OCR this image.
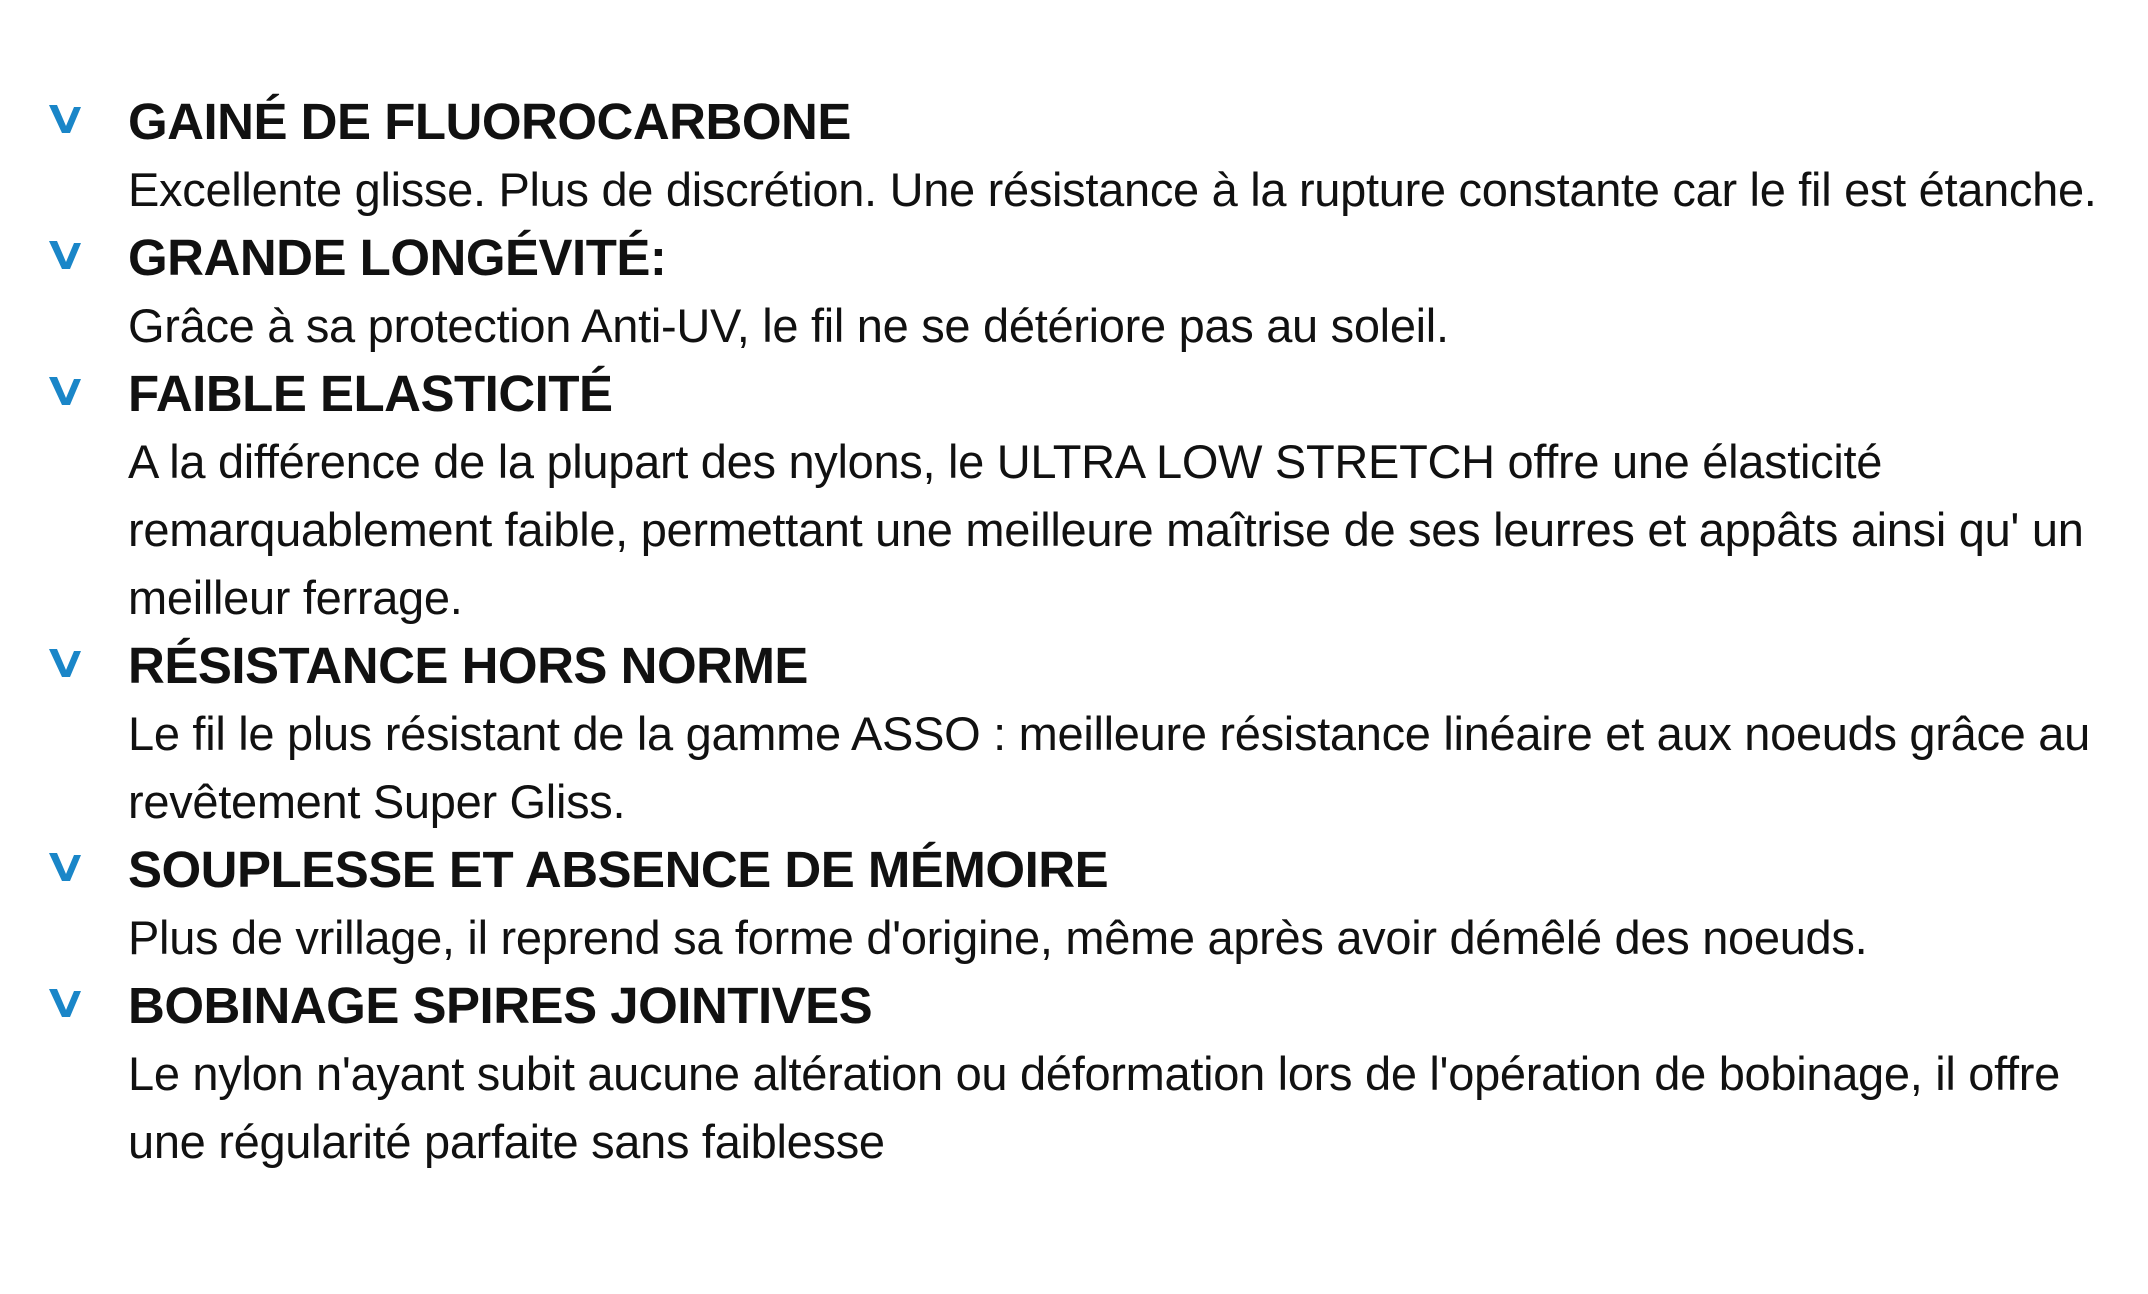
GAINÉ DE FLUOROCARBONE
Excellente glisse. Plus de discrétion. Une résistance à la rupture constante car le fil est étanche.
GRANDE LONGÉVITÉ:
Grâce à sa protection Anti-UV, le fil ne se détériore pas au soleil.
FAIBLE ELASTICITÉ
A la différence de la plupart des nylons, le ULTRA LOW STRETCH offre une élasticité remarquablement faible, permettant une meilleure maîtrise de ses leurres et appâts ainsi qu' un meilleur ferrage.
RÉSISTANCE HORS NORME
Le fil le plus résistant de la gamme ASSO : meilleure résistance linéaire et aux noeuds grâce au revêtement Super Gliss.
SOUPLESSE ET ABSENCE DE MÉMOIRE
Plus de vrillage, il reprend sa forme d'origine, même après avoir démêlé des noeuds.
BOBINAGE SPIRES JOINTIVES
Le nylon n'ayant subit aucune altération ou déformation lors de l'opération de bobinage, il offre une régularité parfaite sans faiblesse
